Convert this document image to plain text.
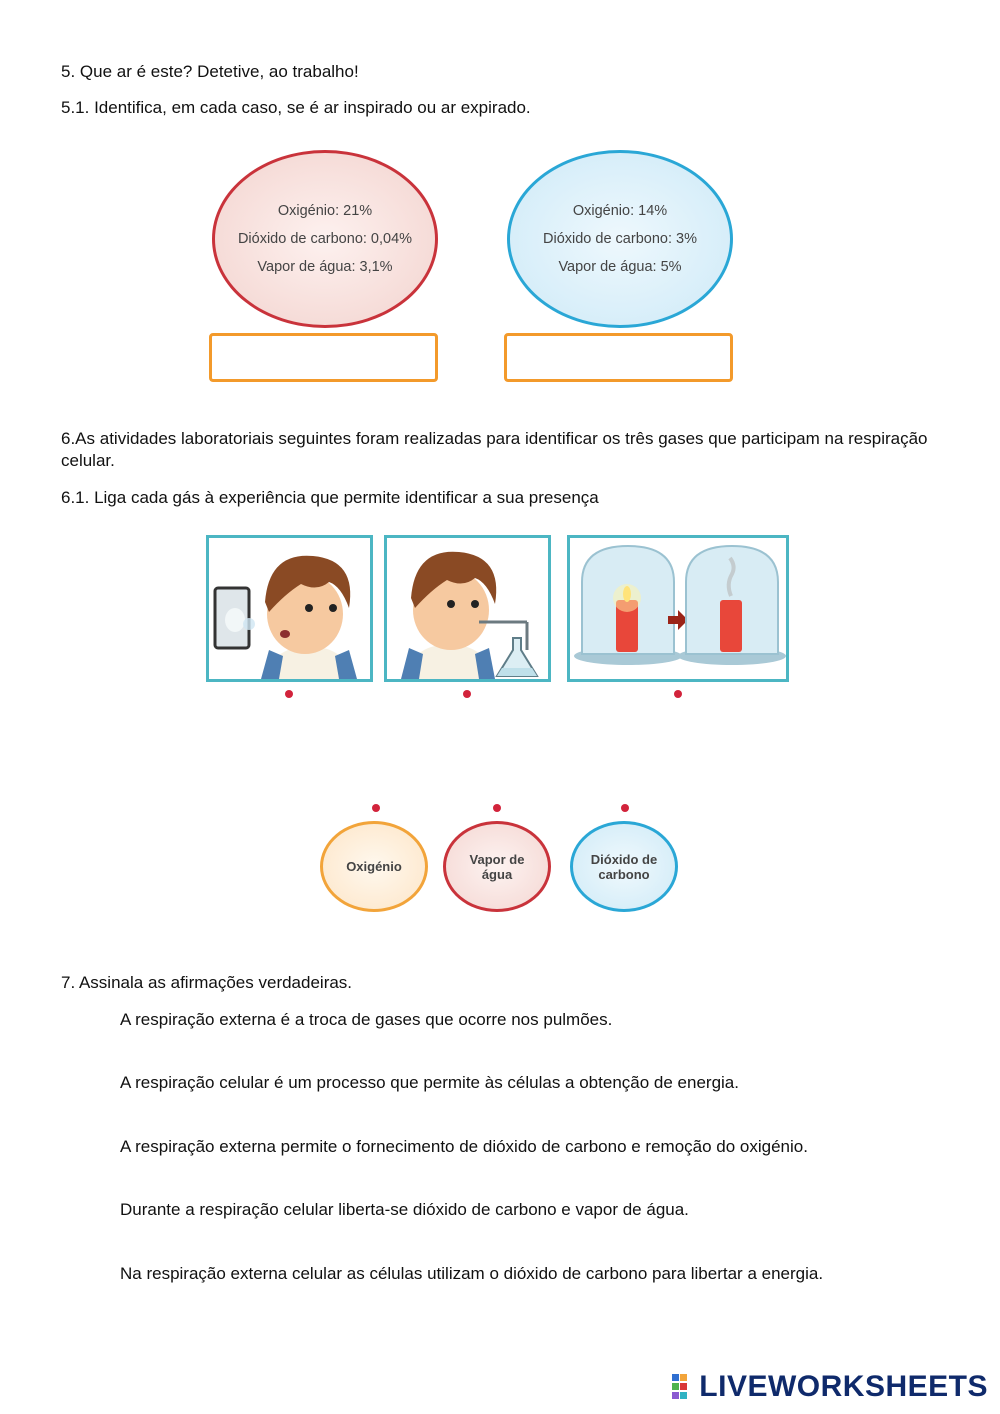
5. Que ar é este? Detetive, ao trabalho!
5.1. Identifica, em cada caso, se é ar inspirado ou ar expirado.
Oxigénio: 21%
Dióxido de carbono: 0,04%
Vapor de água: 3,1%
Oxigénio: 14%
Dióxido de carbono: 3%
Vapor de água: 5%
6.As atividades laboratoriais seguintes foram realizadas para identificar os três gases que participam na respiração celular.
6.1. Liga cada gás à experiência que permite identificar a sua presença
Oxigénio	Vapor de água
Dióxido de carbono
7. Assinala as afirmações verdadeiras.
A respiração externa é a troca de gases que ocorre nos pulmões.
A respiração celular é um processo que permite às células a obtenção de energia.
A respiração externa permite o fornecimento de dióxido de carbono e remoção do oxigénio.
Durante a respiração celular liberta-se dióxido de carbono e vapor de água.
Na respiração externa celular as células utilizam o dióxido de carbono para libertar a energia.
LIVEWORKSHEETS
